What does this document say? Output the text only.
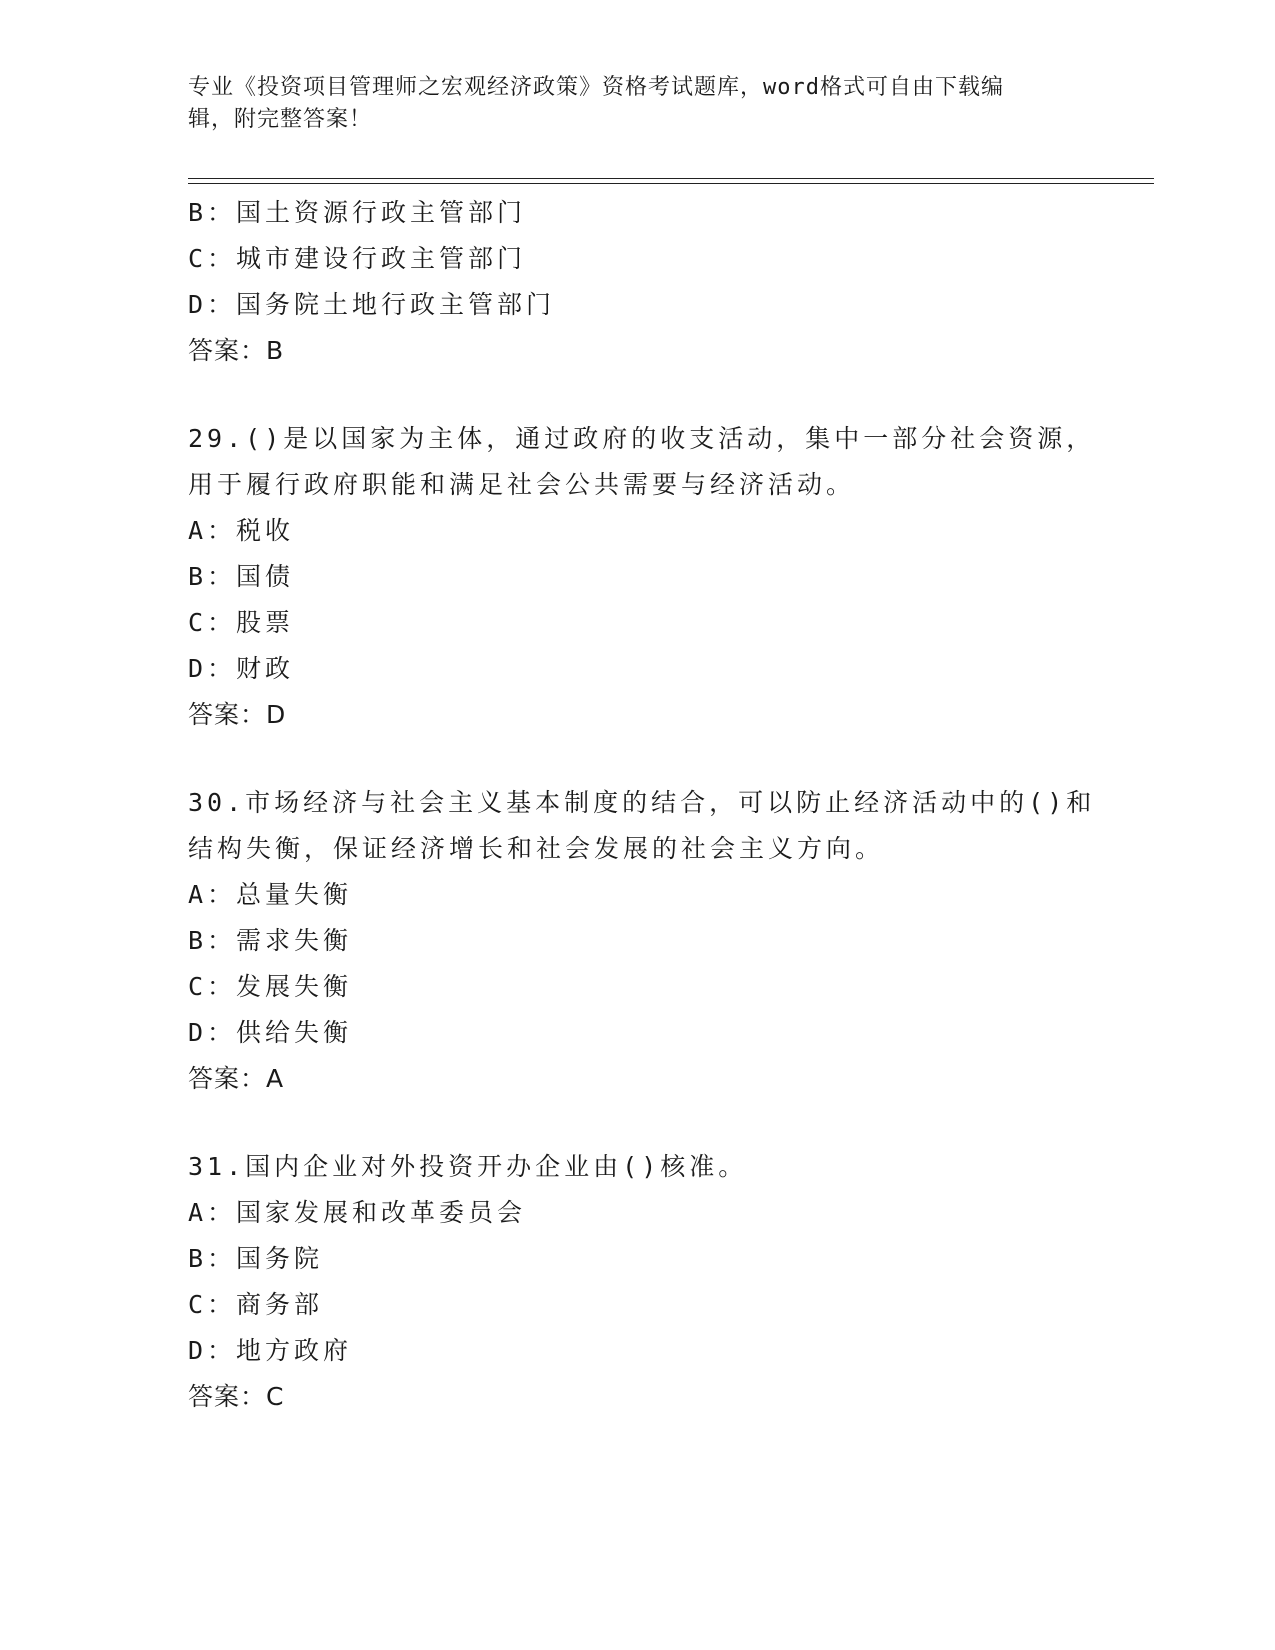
专业《投资项目管理师之宏观经济政策》资格考试题库，word格式可自由下载编
辑，附完整答案！
B：国土资源行政主管部门
C：城市建设行政主管部门
D：国务院土地行政主管部门
答案：B
29.()是以国家为主体，通过政府的收支活动，集中一部分社会资源，
用于履行政府职能和满足社会公共需要与经济活动。
A：税收
B：国债
C：股票
D：财政
答案：D
30.市场经济与社会主义基本制度的结合，可以防止经济活动中的()和
结构失衡，保证经济增长和社会发展的社会主义方向。
A：总量失衡
B：需求失衡
C：发展失衡
D：供给失衡
答案：A
31.国内企业对外投资开办企业由()核准。
A：国家发展和改革委员会
B：国务院
C：商务部
D：地方政府
答案：C
